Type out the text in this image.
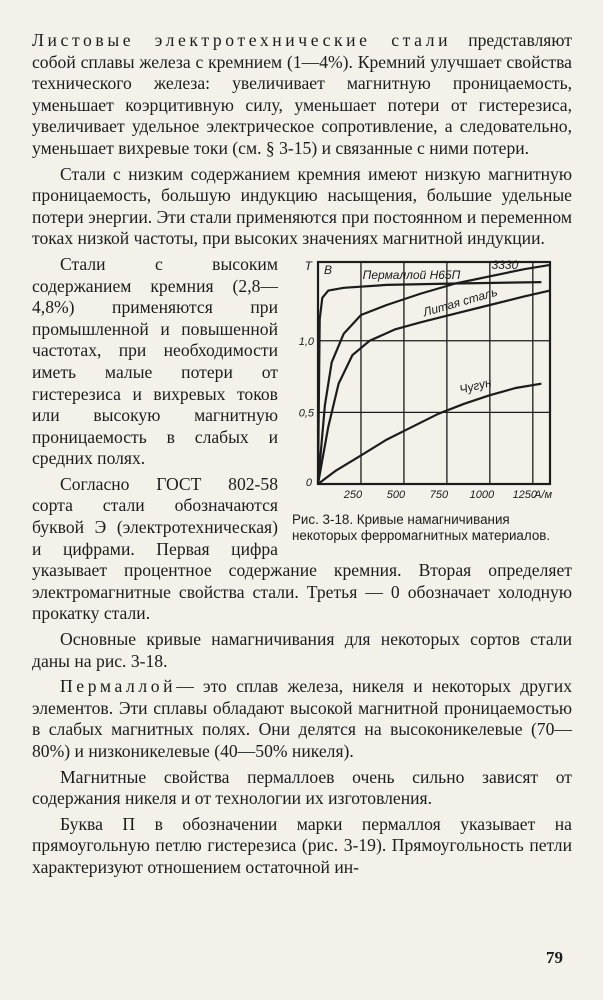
Листовые электротехнические стали представляют собой сплавы железа с кремнием (1—4%). Кремний улучшает свойства технического железа: увеличивает магнитную проницаемость, уменьшает коэрцитивную силу, уменьшает потери от гистерезиса, увеличивает удельное электрическое сопротивление, а следовательно, уменьшает вихревые токи (см. § 3-15) и связанные с ними потери.

Стали с низким содержанием кремния имеют низкую магнитную проницаемость, большую индукцию насыщения, большие удельные потери энергии. Эти стали применяются при постоянном и переменном токах низкой частоты, при высоких значениях магнитной индукции.

250 500 750 1000 1250
0,5
1,0
0
А/м
Т В	Пермаллой Н65П
Литая сталь
3330
Чугун
Рис. 3-18. Кривые намагничивания некоторых ферромагнитных материалов.

Стали с высоким содержанием кремния (2,8—4,8%) применяются при промышленной и повышенной частотах, при необходимости иметь малые потери от гистерезиса и вихревых токов или высокую магнитную проницаемость в слабых и средних полях.

Согласно ГОСТ 802-58 сорта стали обозначаются буквой Э (электротехническая) и цифрами. Первая цифра указывает процентное содержание кремния. Вторая определяет электромагнитные свойства стали. Третья — 0 обозначает холодную прокатку стали.

Основные кривые намагничивания для некоторых сортов стали даны на рис. 3-18.

Пермаллой— это сплав железа, никеля и некоторых других элементов. Эти сплавы обладают высокой магнитной проницаемостью в слабых магнитных полях. Они делятся на высоконикелевые (70—80%) и низконикелевые (40—50% никеля).

Магнитные свойства пермаллоев очень сильно зависят от содержания никеля и от технологии их изготовления.

Буква П в обозначении марки пермаллоя указывает на прямоугольную петлю гистерезиса (рис. 3-19). Прямоугольность петли характеризуют отношением остаточной ин-

79
